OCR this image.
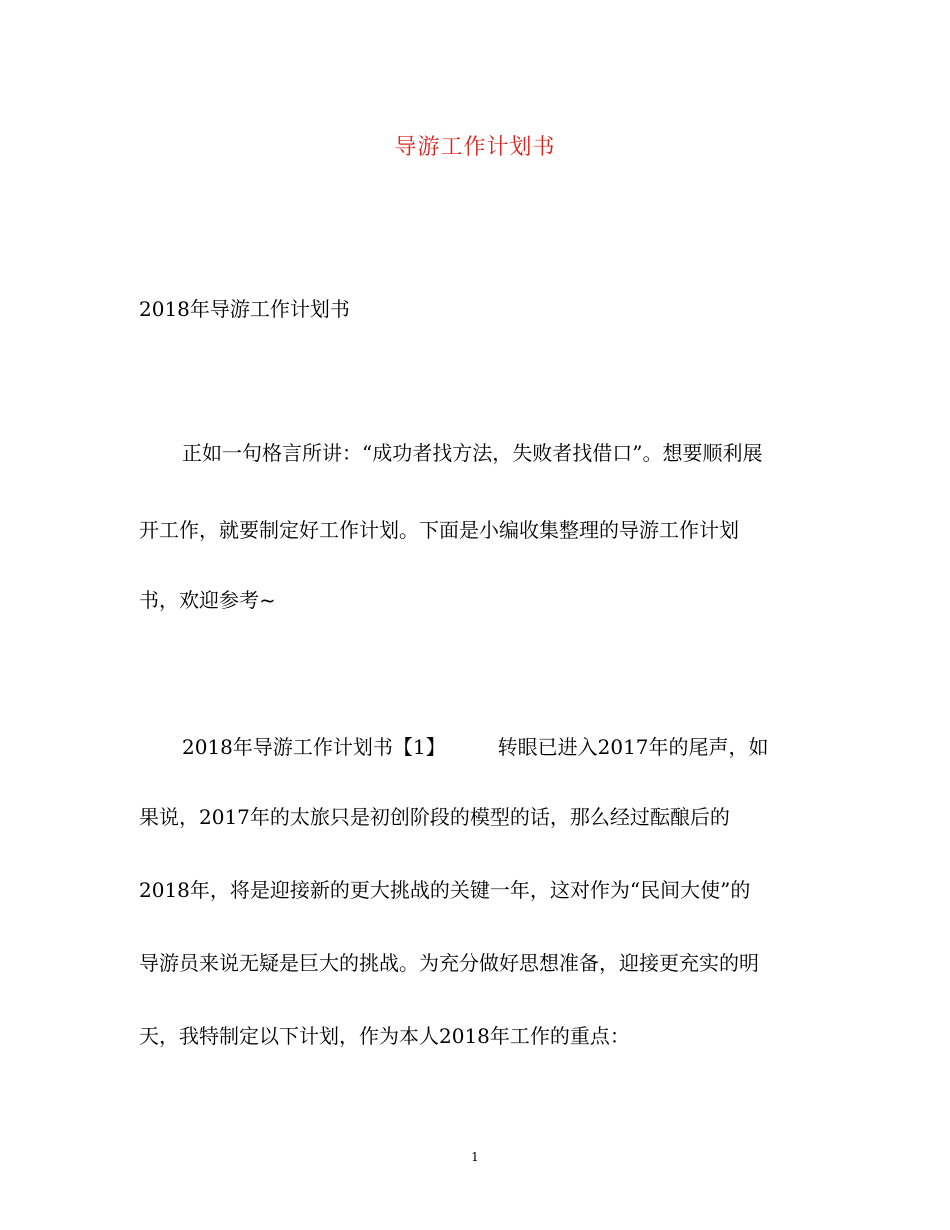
导游工作计划书
2018年导游工作计划书
正如一句格言所讲：“成功者找方法，失败者找借口”。想要顺利展
开工作，就要制定好工作计划。下面是小编收集整理的导游工作计划
书，欢迎参考~
2018年导游工作计划书【1】	转眼已进入2017年的尾声，如
果说，2017年的太旅只是初创阶段的模型的话，那么经过酝酿后的
2018年，将是迎接新的更大挑战的关键一年，这对作为“民间大使”的
导游员来说无疑是巨大的挑战。为充分做好思想准备，迎接更充实的明
天，我特制定以下计划，作为本人2018年工作的重点：
1
